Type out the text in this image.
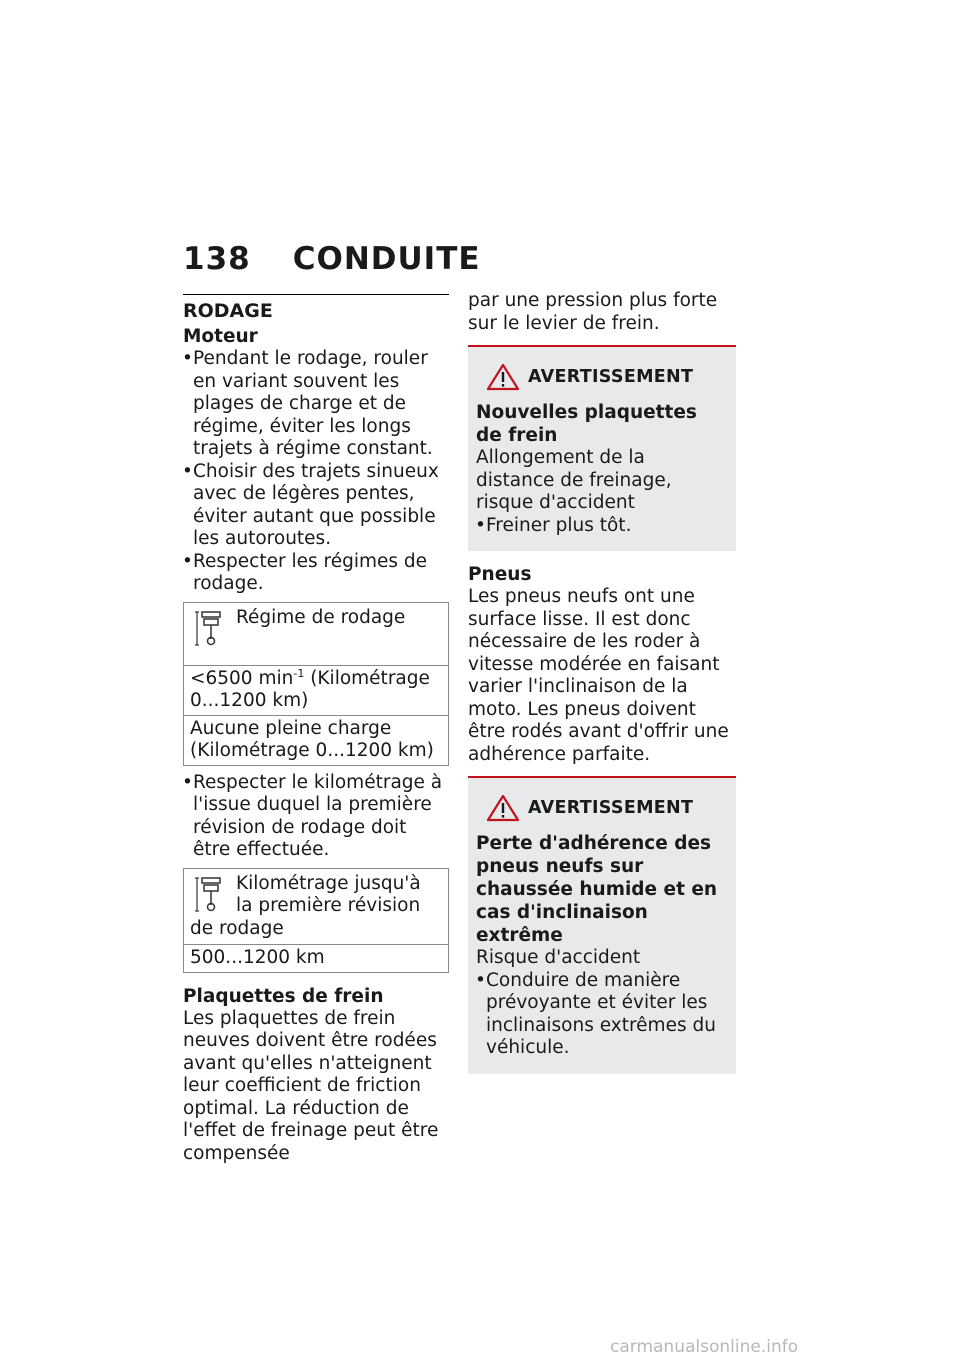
138 CONDUITE
RODAGE
Moteur
• Pendant le rodage, rouler en variant souvent les plages de charge et de régime, éviter les longs trajets à régime constant.
• Choisir des trajets sinueux avec de légères pentes, éviter autant que possible les autoroutes.
• Respecter les régimes de rodage.
Régime de rodage
<6500 $\min^{-1}$ (Kilométrage 0...1200 km)
Aucune pleine charge (Kilométrage 0...1200 km)
• Respecter le kilométrage à l'issue duquel la première révision de rodage doit être effectuée.
Kilométrage jusqu'à la première révision de rodage
500...1200 km
Plaquettes de frein

Les plaquettes de frein neuves doivent être rodées avant qu'elles n'atteignent leur coefficient de friction optimal. La réduction de l'effet de freinage peut être compensée

par une pression plus forte sur le levier de frein.

AVERTISSEMENT
Nouvelles plaquettes de frein

Allongement de la distance de freinage, risque d'accident

• Freiner plus tôt.
Pneus

Les pneus neufs ont une surface lisse. Il est donc nécessaire de les roder à vitesse modérée en faisant varier l'inclinaison de la moto. Les pneus doivent être rodés avant d'offrir une adhérence parfaite.

AVERTISSEMENT
Perte d'adhérence des pneus neufs sur chaussée humide et en cas d'inclinaison extrême

Risque d'accident

• Conduire de manière prévoyante et éviter les inclinaisons extrêmes du véhicule.
carmanualsonline.info
